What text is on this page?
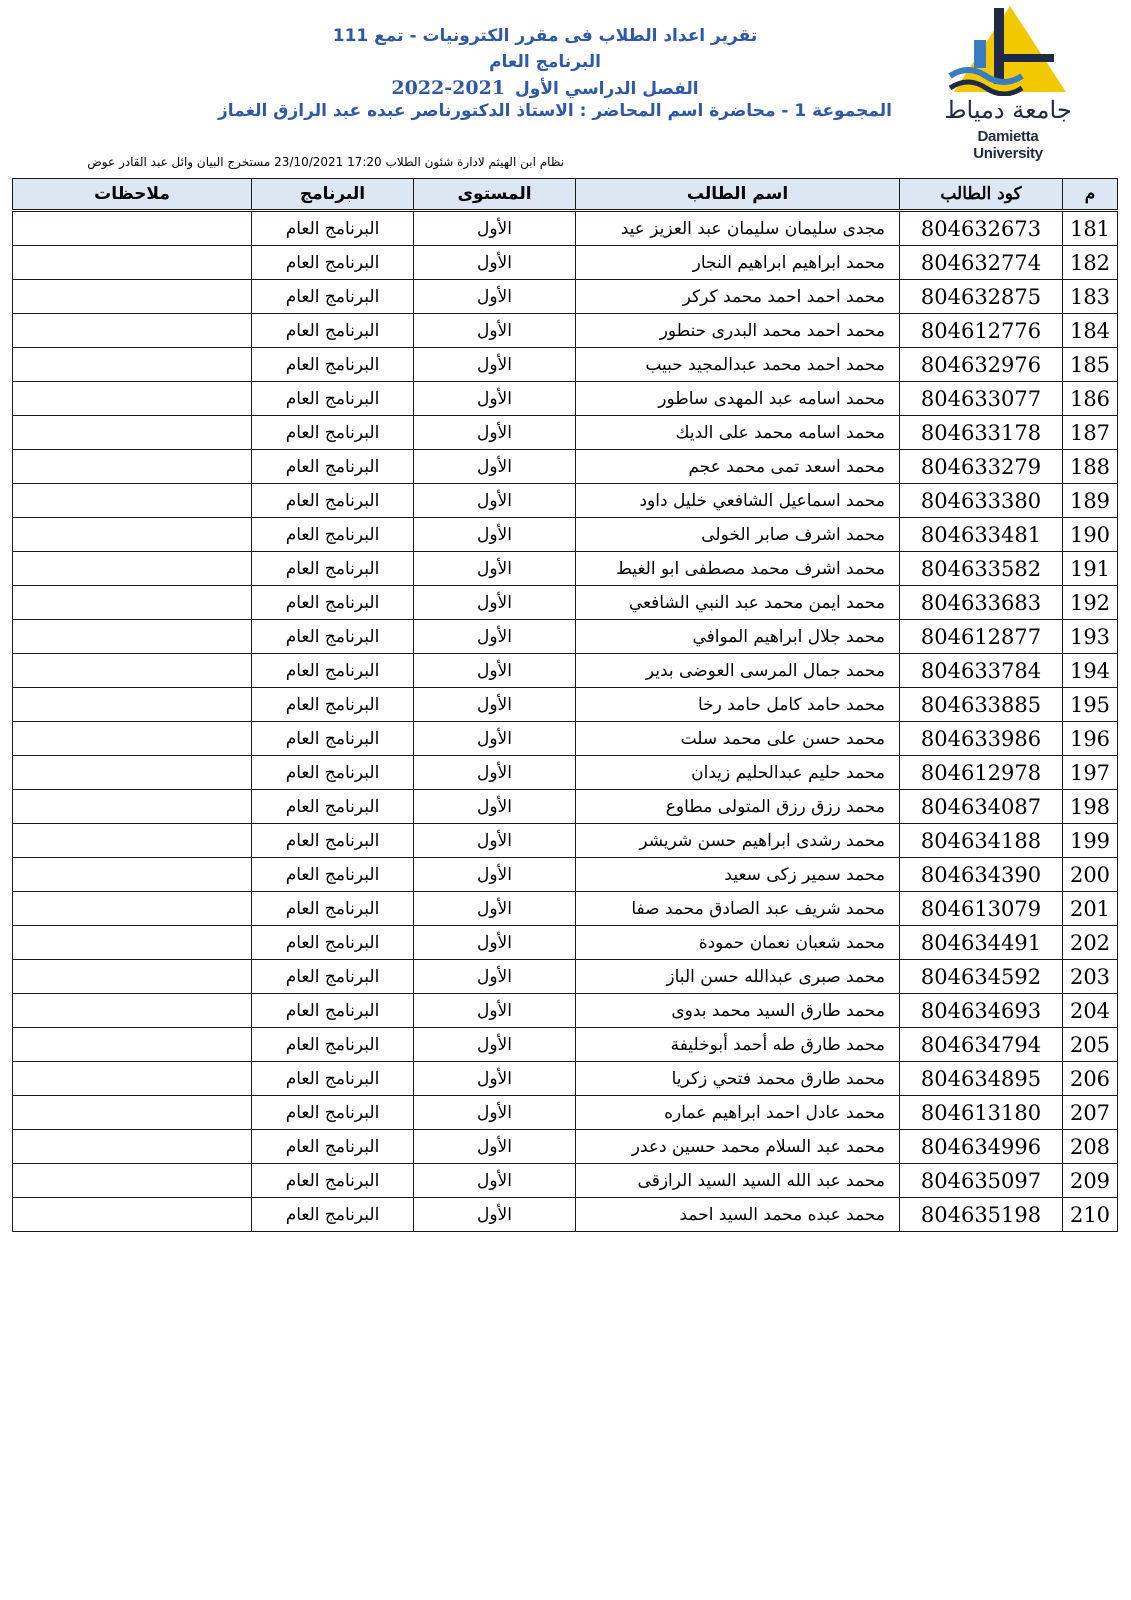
جامعة دمياط
Damietta University
تقرير اعداد الطلاب فى مقرر الكترونيات - تمع 111
البرنامج العام
الفصل الدراسي الأول2021-2022
المجموعة 1 - محاضرة اسم المحاضر : الاستاذ الدكتورناصر عبده عبد الرازق الغماز
نظام ابن الهيثم لادارة شئون الطلاب 23/10/2021 17:20 مستخرج البيان وائل عبد القادر عوض
م	كود الطالب	اسم الطالب	المستوى	البرنامج	ملاحظات
181	804632673	مجدى سليمان سليمان عبد العزيز عيد	الأول	البرنامج العام	
182	804632774	محمد ابراهيم ابراهيم النجار	الأول	البرنامج العام	
183	804632875	محمد احمد احمد محمد كركر	الأول	البرنامج العام	
184	804612776	محمد احمد محمد البدرى حنطور	الأول	البرنامج العام	
185	804632976	محمد احمد محمد عبدالمجيد حبيب	الأول	البرنامج العام	
186	804633077	محمد اسامه عبد المهدى ساطور	الأول	البرنامج العام	
187	804633178	محمد اسامه محمد على الديك	الأول	البرنامج العام	
188	804633279	محمد اسعد تمى محمد عجم	الأول	البرنامج العام	
189	804633380	محمد اسماعيل الشافعي خليل داود	الأول	البرنامج العام	
190	804633481	محمد اشرف صابر الخولى	الأول	البرنامج العام	
191	804633582	محمد اشرف محمد مصطفى ابو الغيط	الأول	البرنامج العام	
192	804633683	محمد ايمن محمد عبد النبي الشافعي	الأول	البرنامج العام	
193	804612877	محمد جلال ابراهيم الموافي	الأول	البرنامج العام	
194	804633784	محمد جمال المرسى العوضى بدير	الأول	البرنامج العام	
195	804633885	محمد حامد كامل حامد رخا	الأول	البرنامج العام	
196	804633986	محمد حسن على محمد سلت	الأول	البرنامج العام	
197	804612978	محمد حليم عبدالحليم زيدان	الأول	البرنامج العام	
198	804634087	محمد رزق رزق المتولى مطاوع	الأول	البرنامج العام	
199	804634188	محمد رشدى ابراهيم حسن شريشر	الأول	البرنامج العام	
200	804634390	محمد سمير زكى سعيد	الأول	البرنامج العام	
201	804613079	محمد شريف عبد الصادق محمد صفا	الأول	البرنامج العام	
202	804634491	محمد شعبان نعمان حمودة	الأول	البرنامج العام	
203	804634592	محمد صبرى عبدالله حسن الباز	الأول	البرنامج العام	
204	804634693	محمد طارق السيد محمد بدوى	الأول	البرنامج العام	
205	804634794	محمد طارق طه أحمد أبوخليفة	الأول	البرنامج العام	
206	804634895	محمد طارق محمد فتحي زكريا	الأول	البرنامج العام	
207	804613180	محمد عادل احمد ابراهيم عماره	الأول	البرنامج العام	
208	804634996	محمد عبد السلام محمد حسين دعدر	الأول	البرنامج العام	
209	804635097	محمد عبد الله السيد السيد الرازقى	الأول	البرنامج العام	
210	804635198	محمد عبده محمد السيد احمد	الأول	البرنامج العام	
